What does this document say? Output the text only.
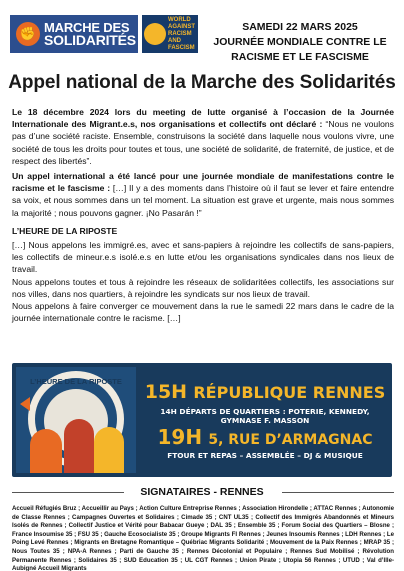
✊ MARCHE DES
SOLIDARITÉS
WORLD AGAINST RACISM AND FASCISM
SAMEDI 22 MARS 2025
JOURNÉE MONDIALE CONTRE LE
RACISME ET LE FASCISME
Appel national de la Marche des Solidarités

Le 18 décembre 2024 lors du meeting de lutte organisé à l’occasion de la Journée Internationale des Migrant.e.s, nos organisations et collectifs ont déclaré : “Nous ne voulons pas d’une société raciste. Ensemble, construisons la société dans laquelle nous voulons vivre, une société de tous les droits pour toutes et tous, une société de solidarité, de fraternité, de justice, et de respect des libertés”.

Un appel international a été lancé pour une journée mondiale de manifestations contre le racisme et le fascisme : […] Il y a des moments dans l’histoire où il faut se lever et faire entendre sa voix, et nous sommes dans un tel moment. La situation est grave et urgente, mais nous sommes la majorité ; nous pouvons gagner. ¡No Pasarán !”

L’HEURE DE LA RIPOSTE

[…] Nous appelons les immigré.es, avec et sans-papiers à rejoindre les collectifs de sans-papiers, les collectifs de mineur.e.s isolé.e.s en lutte et/ou les organisations syndicales dans nos lieux de travail.

Nous appelons toutes et tous à rejoindre les réseaux de solidaritées collectifs, les associations sur nos villes, dans nos quartiers, à rejoindre les syndicats sur nos lieux de travail.

Nous appelons à faire converger ce mouvement dans la rue le samedi 22 mars dans le cadre de la journée internationale contre le racisme. […]

L’HEURE DE LA RIPOSTE	15H RÉPUBLIQUE RENNES
14H DÉPARTS DE QUARTIERS : POTERIE, KENNEDY, GYMNASE F. MASSON
19H 5, RUE D’ARMAGNAC
FTOUR ET REPAS – ASSEMBLÉE – DJ & MUSIQUE
SIGNATAIRES - RENNES

Accueil Réfugiés Bruz ; Accueillir au Pays ; Action Culture Entreprise Rennes ; Association Hirondelle ; ATTAC Rennes ; Autonomie de Classe Rennes ; Campagnes Ouvertes et Solidaires ; Cimade 35 ; CNT UL35 ; Collectif des Immigrés Abandonnés et Mineurs Isolés de Rennes ; Collectif Justice et Vérité pour Babacar Gueye ; DAL 35 ; Ensemble 35 ; Forum Social des Quartiers – Blosne ; France Insoumise 35 ; FSU 35 ; Gauche Ecosocialiste 35 ; Groupe Migrants FI Rennes ; Jeunes Insoumis Rennes ; LDH Rennes ; Le Poing Levé Rennes ; Migrants en Bretagne Romantique – Québriac Migrants Solidarité ; Mouvement de la Paix Rennes ; MRAP 35 ; Nous Toutes 35 ; NPA-A Rennes ; Parti de Gauche 35 ; Rennes Décolonial et Populaire ; Rennes Sud Mobilisé ; Révolution Permanente Rennes ; Solidaires 35 ; SUD Education 35 ; UL CGT Rennes ; Union Pirate ; Utopia 56 Rennes ; UTUD ; Val d’Ille-Aubigné Accueil Migrants
